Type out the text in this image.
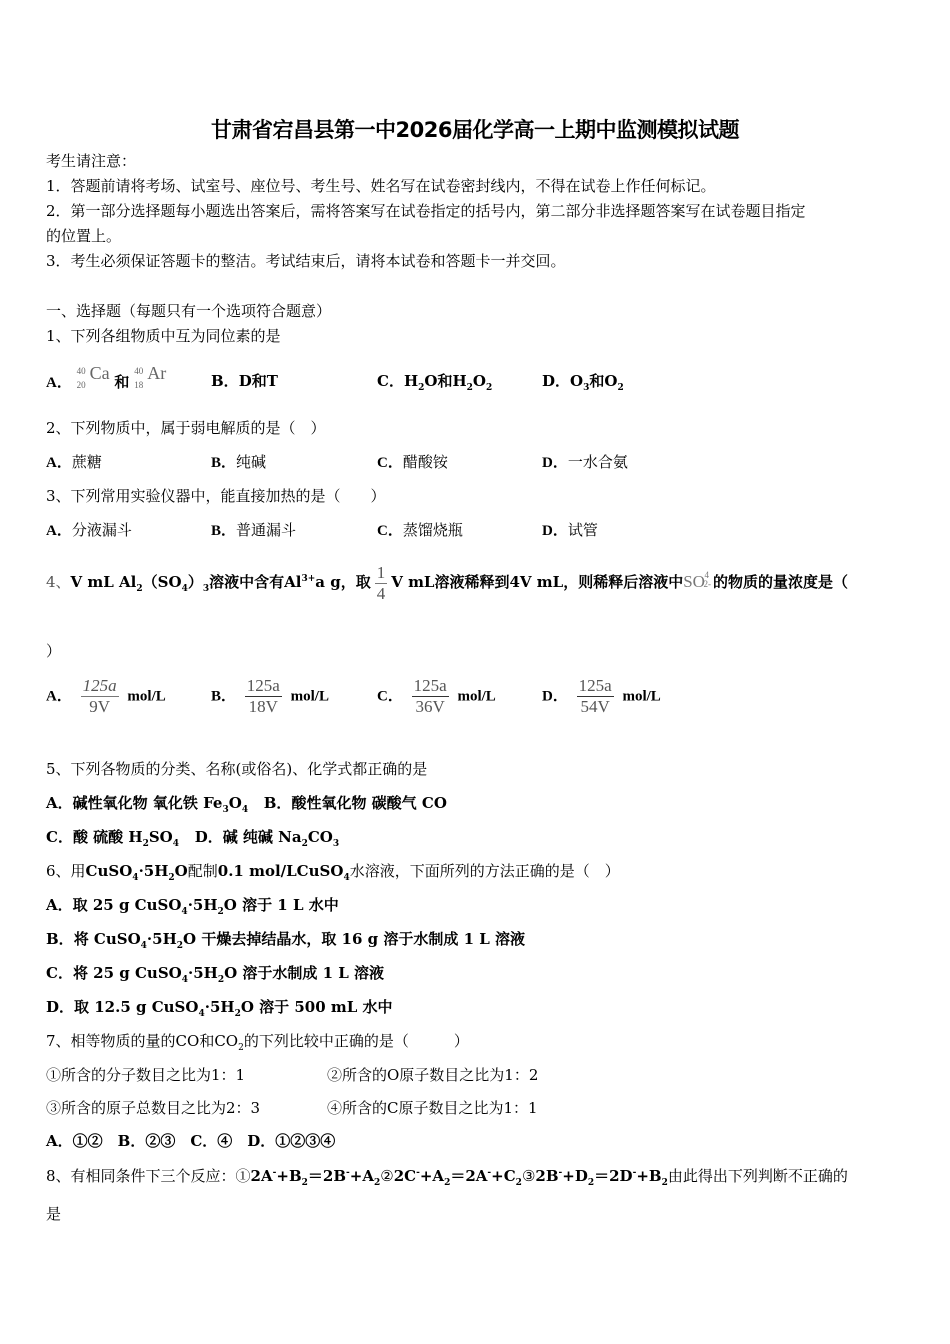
甘肃省宕昌县第一中2026届化学高一上期中监测模拟试题
考生请注意：
1．答题前请将考场、试室号、座位号、考生号、姓名写在试卷密封线内，不得在试卷上作任何标记。
2．第一部分选择题每小题选出答案后，需将答案写在试卷指定的括号内，第二部分非选择题答案写在试卷题目指定
的位置上。
3．考生必须保证答题卡的整洁。考试结束后，请将本试卷和答题卡一并交回。
一、选择题（每题只有一个选项符合题意）
1、下列各组物质中互为同位素的是
A．
40
20
Ca 和
40
18
Ar	B．D和T	C．$H_2O$和$H_2O_2$	D．$O_3$和$O_2$
2、下列物质中，属于弱电解质的是（　）
A．蔗糖	B．纯碱	C．醋酸铵	D．一水合氨
3、下列常用实验仪器中，能直接加热的是（　　）
A．分液漏斗	B．普通漏斗	C．蒸馏烧瓶	D．试管
4、V mL $Al_2(SO_4)_3$溶液中含有$Al^{3+}a$ g，取 $\frac{1}{4}$ V mL溶液稀释到4V mL，则稀释后溶液中SO
2-
4 的物质的量浓度是（
）
A． $\frac{125a}{9V} mol/L$	B． $\frac{125a}{18V} mol/L$	C． $\frac{125a}{36V} mol/L$	D． $\frac{125a}{54V} mol/L$
5、下列各物质的分类、名称(或俗名)、化学式都正确的是
A．碱性氧化物 氧化铁 $Fe_3O_4$ B．酸性氧化物 碳酸气 CO
C．酸 硫酸 $H_2SO_4$ D．碱 纯碱 $Na_2CO_3$
6、用$CuSO_4\cdot 5H_2O$配制0.1 mol/LCuSO$_4$水溶液，下面所列的方法正确的是（　）
A．取 25 g $CuSO_4\cdot 5H_2O$ 溶于 1 L 水中
B．将 $CuSO_4\cdot 5H_2O$ 干燥去掉结晶水，取 16 g 溶于水制成 1 L 溶液
C．将 25 g $CuSO_4\cdot 5H_2O$ 溶于水制成 1 L 溶液
D．取 12.5 g $CuSO_4\cdot 5H_2O$ 溶于 500 mL 水中
7、相等物质的量的CO和$CO_2$的下列比较中正确的是（　　　）
①所含的分子数目之比为1：1	②所含的O原子数目之比为1：2
③所含的原子总数目之比为2：3	④所含的C原子数目之比为1：1
A．①②　B．②③　C．④　D．①②③④
8、有相同条件下三个反应：$①2A^-+B_2=2B^-+A_2②2C^-+A_2=2A^-+C_2③2B^-+D_2=2D^-+B_2$由此得出下列判断不正确的
是
